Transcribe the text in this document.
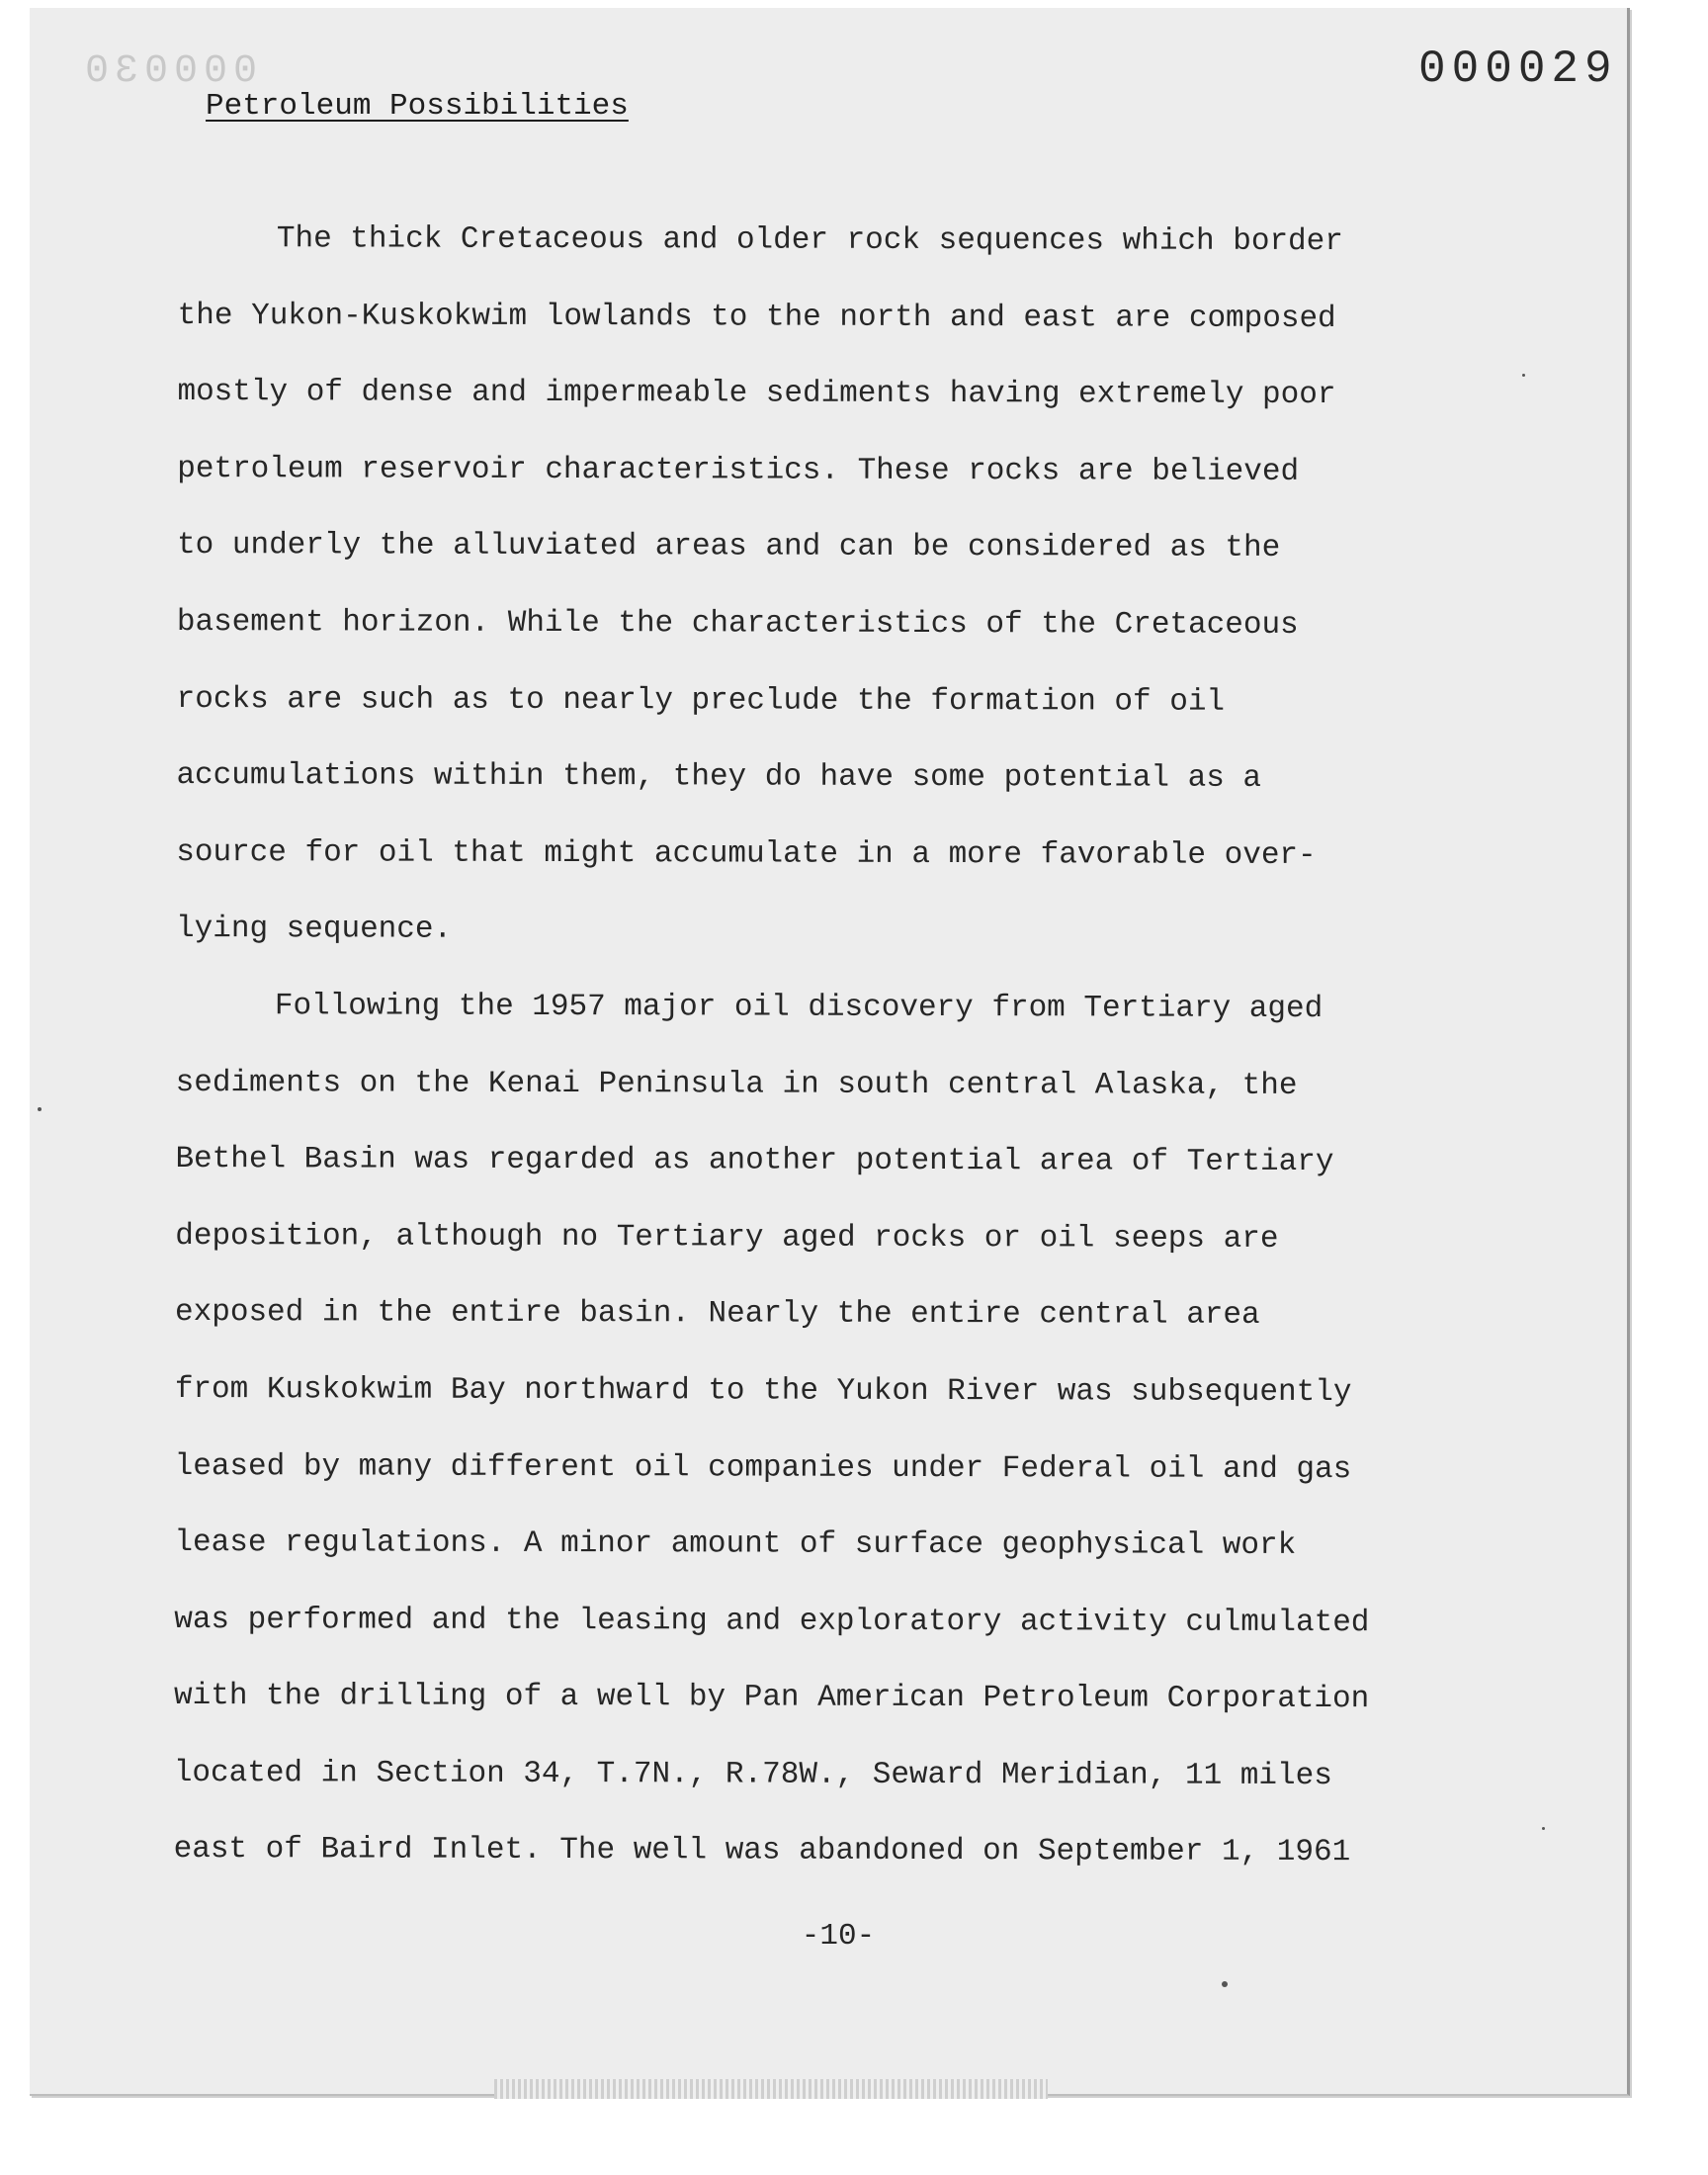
000030	000029
Petroleum Possibilities
The thick Cretaceous and older rock sequences which border
the Yukon-Kuskokwim lowlands to the north and east are composed
mostly of dense and impermeable sediments having extremely poor
petroleum reservoir characteristics. These rocks are believed
to underly the alluviated areas and can be considered as the
basement horizon. While the characteristics of the Cretaceous
rocks are such as to nearly preclude the formation of oil
accumulations within them, they do have some potential as a
source for oil that might accumulate in a more favorable over-
lying sequence.
Following the 1957 major oil discovery from Tertiary aged
sediments on the Kenai Peninsula in south central Alaska, the
Bethel Basin was regarded as another potential area of Tertiary
deposition, although no Tertiary aged rocks or oil seeps are
exposed in the entire basin. Nearly the entire central area
from Kuskokwim Bay northward to the Yukon River was subsequently
leased by many different oil companies under Federal oil and gas
lease regulations. A minor amount of surface geophysical work
was performed and the leasing and exploratory activity culmulated
with the drilling of a well by Pan American Petroleum Corporation
located in Section 34, T.7N., R.78W., Seward Meridian, 11 miles
east of Baird Inlet. The well was abandoned on September 1, 1961
-10-
